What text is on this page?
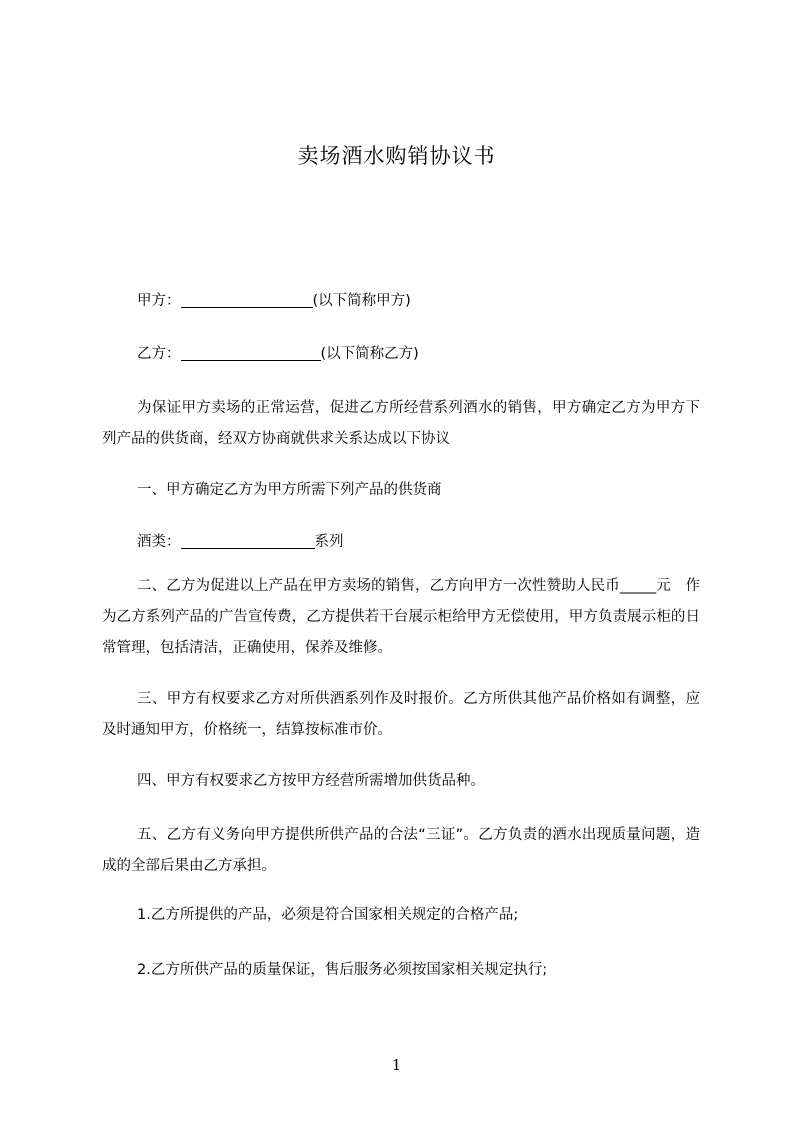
卖场酒水购销协议书
甲方：	(以下简称甲方)
乙方：	(以下简称乙方)
为保证甲方卖场的正常运营，促进乙方所经营系列酒水的销售，甲方确定乙方为甲方下列产品的供货商，经双方协商就供求关系达成以下协议
一、甲方确定乙方为甲方所需下列产品的供货商
酒类：	系列
二、乙方为促进以上产品在甲方卖场的销售，乙方向甲方一次性赞助人民币_____元　作为乙方系列产品的广告宣传费，乙方提供若干台展示柜给甲方无偿使用，甲方负责展示柜的日常管理，包括清洁，正确使用，保养及维修。
三、甲方有权要求乙方对所供酒系列作及时报价。乙方所供其他产品价格如有调整，应及时通知甲方，价格统一，结算按标准市价。
四、甲方有权要求乙方按甲方经营所需增加供货品种。
五、乙方有义务向甲方提供所供产品的合法“三证”。乙方负责的酒水出现质量问题，造成的全部后果由乙方承担。
1.乙方所提供的产品，必须是符合国家相关规定的合格产品;
2.乙方所供产品的质量保证，售后服务必须按国家相关规定执行;
1
